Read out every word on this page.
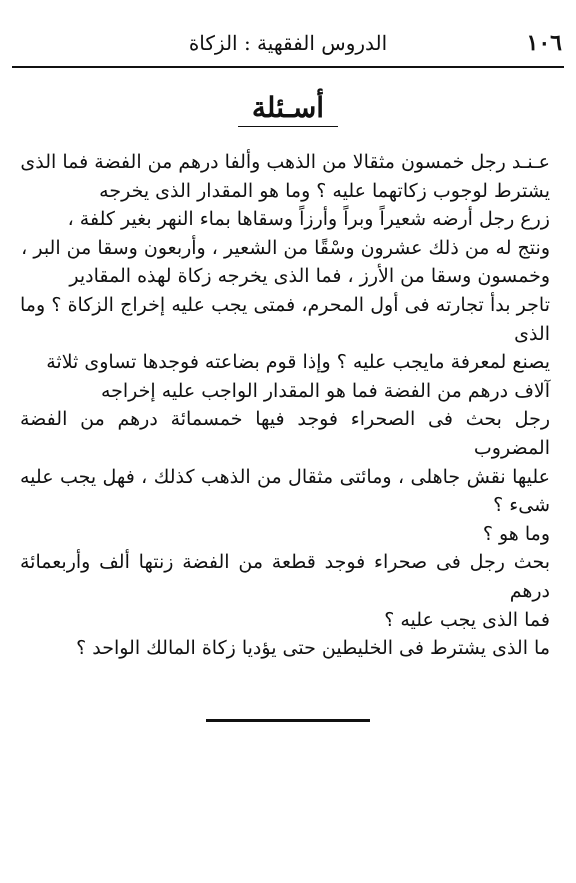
١٠٦
الدروس الفقهية : الزكاة
أسـئلة

عـنـد رجل خمسون مثقالا من الذهب وألفا درهم من الفضة فما الذى
يشترط لوجوب زكاتهما عليه ؟ وما هو المقدار الذى يخرجه

زرع رجل أرضه شعيراً وبراً وأرزاً وسقاها بماء النهر بغير كلفة ،
ونتج له من ذلك عشرون وسْقًا من الشعير ، وأربعون وسقا من البر ،
وخمسون وسقا من الأرز ، فما الذى يخرجه زكاة لهذه المقادير

تاجر بدأ تجارته فى أول المحرم، فمتى يجب عليه إخراج الزكاة ؟ وما الذى
يصنع لمعرفة مايجب عليه ؟ وإذا قوم بضاعته فوجدها تساوى ثلاثة
آلاف درهم من الفضة فما هو المقدار الواجب عليه إخراجه

رجل بحث فى الصحراء فوجد فيها خمسمائة درهم من الفضة المضروب
عليها نقش جاهلى ، ومائتى مثقال من الذهب كذلك ، فهل يجب عليه شىء ؟
وما هو ؟

بحث رجل فى صحراء فوجد قطعة من الفضة زنتها ألف وأربعمائة درهم
فما الذى يجب عليه ؟

ما الذى يشترط فى الخليطين حتى يؤديا زكاة المالك الواحد ؟
